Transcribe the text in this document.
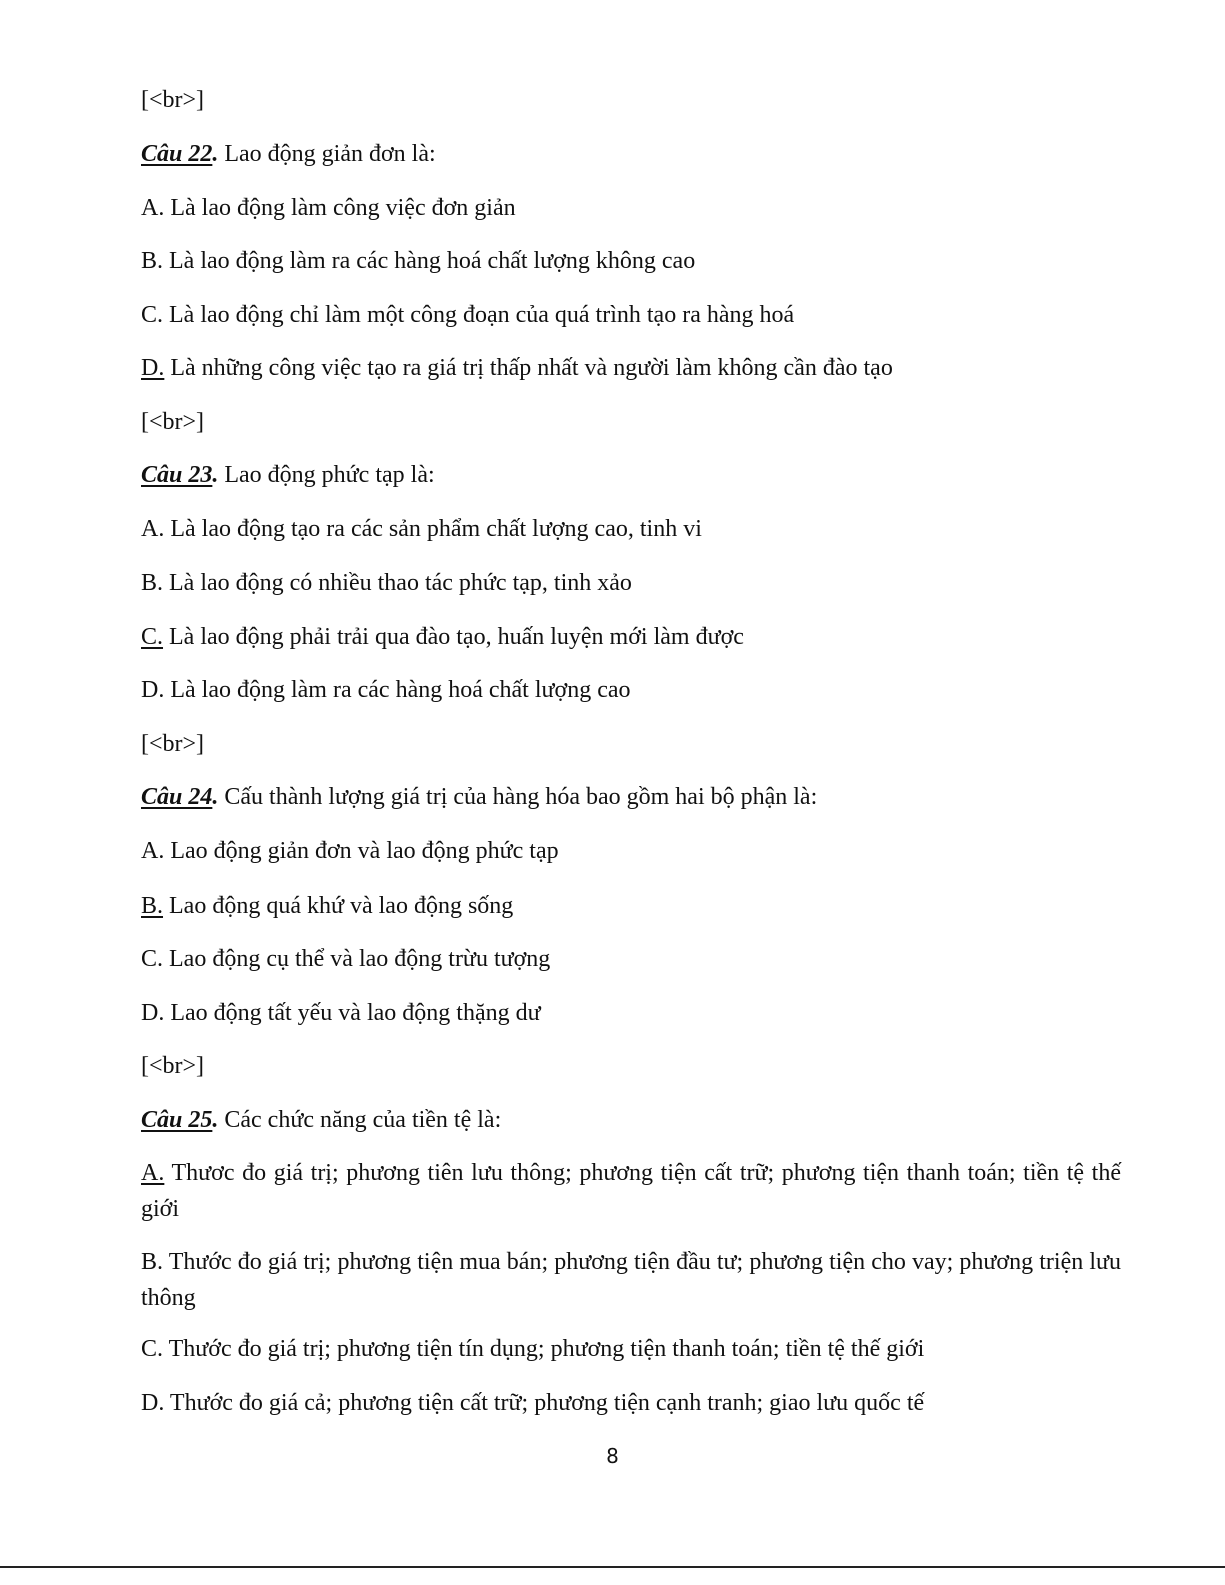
[<br>]
Câu 22. Lao động giản đơn là:
A. Là lao động làm công việc đơn giản
B. Là lao động làm ra các hàng hoá chất lượng không cao
C. Là lao động chỉ làm một công đoạn của quá trình tạo ra hàng hoá
D. Là những công việc tạo ra giá trị thấp nhất và người làm không cần đào tạo
[<br>]
Câu 23. Lao động phức tạp là:
A. Là lao động tạo ra các sản phẩm chất lượng cao, tinh vi
B. Là lao động có nhiều thao tác phức tạp, tinh xảo
C. Là lao động phải trải qua đào tạo, huấn luyện mới làm được
D. Là lao động làm ra các hàng hoá chất lượng cao
[<br>]
Câu 24. Cấu thành lượng giá trị của hàng hóa bao gồm hai bộ phận là:
A. Lao động giản đơn và lao động phức tạp
B. Lao động quá khứ và lao động sống
C. Lao động cụ thể và lao động trừu tượng
D. Lao động tất yếu và lao động thặng dư
[<br>]
Câu 25. Các chức năng của tiền tệ là:
A. Thươc đo giá trị; phương tiên lưu thông; phương tiện cất trữ; phương tiện thanh toán; tiền tệ thế giới
B. Thước đo giá trị; phương tiện mua bán; phương tiện đầu tư; phương tiện cho vay; phương triện lưu thông
C. Thước đo giá trị; phương tiện tín dụng; phương tiện thanh toán; tiền tệ thế giới
D. Thước đo giá cả; phương tiện cất trữ; phương tiện cạnh tranh; giao lưu quốc tế
8
